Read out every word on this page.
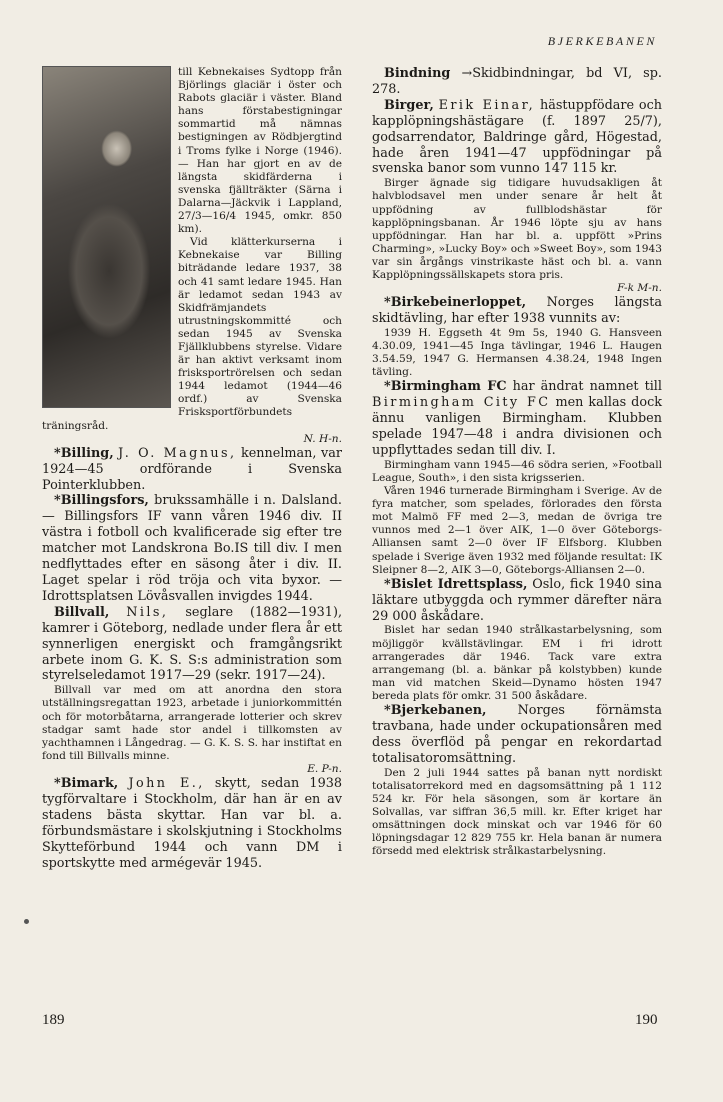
BJERKEBANEN

till Kebnekaises Sydtopp från Björlings glaciär i öster och Rabots glaciär i väster. Bland hans förstabestigningar sommartid må nämnas bestigningen av Rödbjergtind i Troms fylke i Norge (1946). — Han har gjort en av de längsta skidfärderna i svenska fjällträkter (Särna i Dalarna—Jäckvik i Lappland, 27/3—16/4 1945, omkr. 850 km).

Vid klätterkurserna i Kebnekaise var Billing biträdande ledare 1937, 38 och 41 samt ledare 1945. Han är ledamot sedan 1943 av Skidfrämjandets utrustningskommitté och sedan 1945 av Svenska Fjällklubbens styrelse. Vidare är han aktivt verksamt inom frisksportrörelsen och sedan 1944 ledamot (1944—46 ordf.) av Svenska Frisksportförbundets träningsråd.

N. H-n.

*Billing, J. O. Magnus, kennelman, var 1924—45 ordförande i Svenska Pointerklubben.

*Billingsfors, brukssamhälle i n. Dalsland. — Billingsfors IF vann våren 1946 div. II västra i fotboll och kvalificerade sig efter tre matcher mot Landskrona Bo.IS till div. I men nedflyttades efter en säsong åter i div. II. Laget spelar i röd tröja och vita byxor. — Idrottsplatsen Lövåsvallen invigdes 1944.

Billvall, Nils, seglare (1882—1931), kamrer i Göteborg, nedlade under flera år ett synnerligen energiskt och framgångsrikt arbete inom G. K. S. S:s administration som styrelseledamot 1917—29 (sekr. 1917—24).

Billvall var med om att anordna den stora utställningsregattan 1923, arbetade i juniorkommittén och för motorbåtarna, arrangerade lotterier och skrev stadgar samt hade stor andel i tillkomsten av yachthamnen i Långedrag. — G. K. S. S. har instiftat en fond till Billvalls minne.

E. P-n.

*Bimark, John E., skytt, sedan 1938 tygförvaltare i Stockholm, där han är en av stadens bästa skyttar. Han var bl. a. förbundsmästare i skolskjutning i Stockholms Skytteförbund 1944 och vann DM i sportskytte med armégevär 1945.

Bindning →Skidbindningar, bd VI, sp. 278.

Birger, Erik Einar, hästuppfödare och kapplöpningshästägare (f. 1897 25/7), godsarrendator, Baldringe gård, Högestad, hade åren 1941—47 uppfödningar på svenska banor som vunno 147 115 kr.

Birger ägnade sig tidigare huvudsakligen åt halvblodsavel men under senare år helt åt uppfödning av fullblodshästar för kapplöpningsbanan. År 1946 löpte sju av hans uppfödningar. Han har bl. a. uppfött »Prins Charming», »Lucky Boy» och »Sweet Boy», som 1943 var sin årgångs vinstrikaste häst och bl. a. vann Kapplöpningssällskapets stora pris.

F-k M-n.

*Birkebeinerloppet, Norges längsta skidtävling, har efter 1938 vunnits av:

1939 H. Eggseth 4t 9m 5s, 1940 G. Hansveen 4.30.09, 1941—45 Inga tävlingar, 1946 L. Haugen 3.54.59, 1947 G. Hermansen 4.38.24, 1948 Ingen tävling.

*Birmingham FC har ändrat namnet till Birmingham City FC men kallas dock ännu vanligen Birmingham. Klubben spelade 1947—48 i andra divisionen och uppflyttades sedan till div. I.

Birmingham vann 1945—46 södra serien, »Football League, South», i den sista krigsserien.

Våren 1946 turnerade Birmingham i Sverige. Av de fyra matcher, som spelades, förlorades den första mot Malmö FF med 2—3, medan de övriga tre vunnos med 2—1 över AIK, 1—0 över Göteborgs-Alliansen samt 2—0 över IF Elfsborg. Klubben spelade i Sverige även 1932 med följande resultat: IK Sleipner 8—2, AIK 3—0, Göteborgs-Alliansen 2—0.

*Bislet Idrettsplass, Oslo, fick 1940 sina läktare utbyggda och rymmer därefter nära 29 000 åskådare.

Bislet har sedan 1940 strålkastarbelysning, som möjliggör kvällstävlingar. EM i fri idrott arrangerades där 1946. Tack vare extra arrangemang (bl. a. bänkar på kolstybben) kunde man vid matchen Skeid—Dynamo hösten 1947 bereda plats för omkr. 31 500 åskådare.

*Bjerkebanen, Norges förnämsta travbana, hade under ockupationsåren med dess överflöd på pengar en rekordartad totalisatoromsättning.

Den 2 juli 1944 sattes på banan nytt nordiskt totalisatorrekord med en dagsomsättning på 1 112 524 kr. För hela säsongen, som är kortare än Solvallas, var siffran 36,5 mill. kr. Efter kriget har omsättningen dock minskat och var 1946 för 60 löpningsdagar 12 829 755 kr. Hela banan är numera försedd med elektrisk strålkastarbelysning.

189	190
